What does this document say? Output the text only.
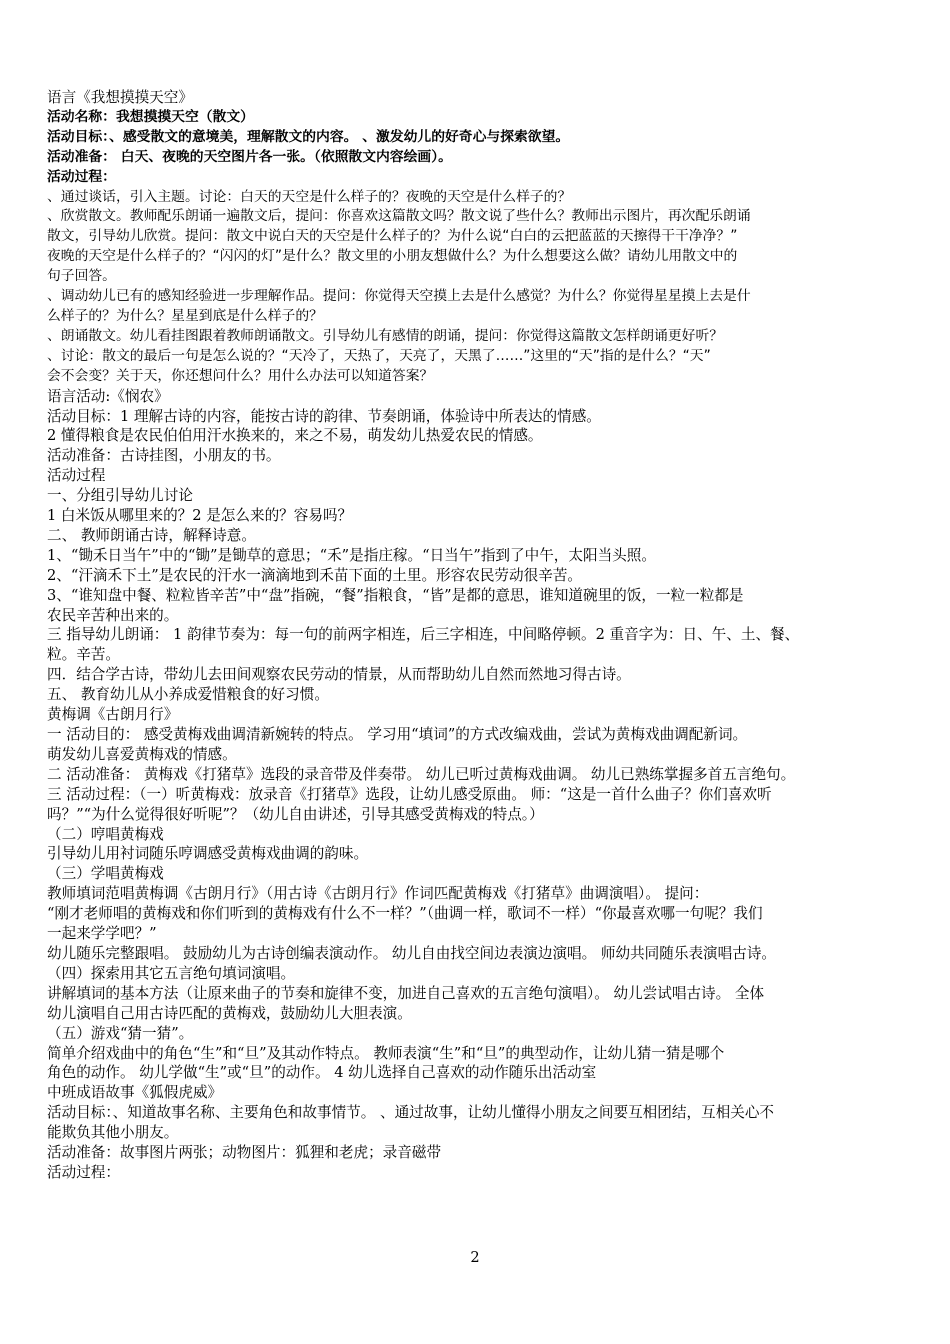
语言《我想摸摸天空》
活动名称：我想摸摸天空（散文）
活动目标：、感受散文的意境美，理解散文的内容。 、激发幼儿的好奇心与探索欲望。
活动准备： 白天、夜晚的天空图片各一张。（依照散文内容绘画）。
活动过程：
、通过谈话，引入主题。讨论：白天的天空是什么样子的？夜晚的天空是什么样子的？
、欣赏散文。教师配乐朗诵一遍散文后，提问：你喜欢这篇散文吗？散文说了些什么？教师出示图片，再次配乐朗诵
散文，引导幼儿欣赏。提问：散文中说白天的天空是什么样子的？为什么说“白白的云把蓝蓝的天擦得干干净净？”
夜晚的天空是什么样子的？“闪闪的灯”是什么？散文里的小朋友想做什么？为什么想要这么做？请幼儿用散文中的
句子回答。
、调动幼儿已有的感知经验进一步理解作品。提问：你觉得天空摸上去是什么感觉？为什么？你觉得星星摸上去是什
么样子的？为什么？星星到底是什么样子的？
、朗诵散文。幼儿看挂图跟着教师朗诵散文。引导幼儿有感情的朗诵，提问：你觉得这篇散文怎样朗诵更好听？
、讨论：散文的最后一句是怎么说的？“天冷了，天热了，天亮了，天黑了……”这里的“天”指的是什么？“天”
会不会变？关于天，你还想问什么？用什么办法可以知道答案？
语言活动:《悯农》
活动目标：1 理解古诗的内容，能按古诗的韵律、节奏朗诵，体验诗中所表达的情感。
2 懂得粮食是农民伯伯用汗水换来的，来之不易，萌发幼儿热爱农民的情感。
活动准备：古诗挂图，小朋友的书。
活动过程
一、分组引导幼儿讨论
1 白米饭从哪里来的？2 是怎么来的？容易吗？
二、 教师朗诵古诗，解释诗意。
1、“锄禾日当午”中的“锄”是锄草的意思；“禾”是指庄稼。“日当午”指到了中午，太阳当头照。
2、“汗滴禾下土”是农民的汗水一滴滴地到禾苗下面的土里。形容农民劳动很辛苦。
3、“谁知盘中餐、粒粒皆辛苦”中“盘”指碗，“餐”指粮食，“皆”是都的意思，谁知道碗里的饭，一粒一粒都是
农民辛苦种出来的。
三 指导幼儿朗诵： 1 韵律节奏为：每一句的前两字相连，后三字相连，中间略停顿。2 重音字为：日、午、土、餐、
粒。辛苦。
四．结合学古诗，带幼儿去田间观察农民劳动的情景，从而帮助幼儿自然而然地习得古诗。
五、 教育幼儿从小养成爱惜粮食的好习惯。
黄梅调《古朗月行》
一 活动目的： 感受黄梅戏曲调清新婉转的特点。 学习用“填词”的方式改编戏曲，尝试为黄梅戏曲调配新词。
萌发幼儿喜爱黄梅戏的情感。
二 活动准备： 黄梅戏《打猪草》选段的录音带及伴奏带。 幼儿已听过黄梅戏曲调。 幼儿已熟练掌握多首五言绝句。
三 活动过程：（一）听黄梅戏：放录音《打猪草》选段，让幼儿感受原曲。 师：“这是一首什么曲子？你们喜欢听
吗？”“为什么觉得很好听呢”？（幼儿自由讲述，引导其感受黄梅戏的特点。）
（二）哼唱黄梅戏
引导幼儿用衬词随乐哼调感受黄梅戏曲调的韵味。
（三）学唱黄梅戏
教师填词范唱黄梅调《古朗月行》（用古诗《古朗月行》作词匹配黄梅戏《打猪草》曲调演唱）。 提问：
“刚才老师唱的黄梅戏和你们听到的黄梅戏有什么不一样？”（曲调一样，歌词不一样）“你最喜欢哪一句呢？我们
一起来学学吧？”
幼儿随乐完整跟唱。 鼓励幼儿为古诗创编表演动作。 幼儿自由找空间边表演边演唱。 师幼共同随乐表演唱古诗。
（四）探索用其它五言绝句填词演唱。
讲解填词的基本方法（让原来曲子的节奏和旋律不变，加进自己喜欢的五言绝句演唱）。 幼儿尝试唱古诗。 全体
幼儿演唱自己用古诗匹配的黄梅戏，鼓励幼儿大胆表演。
（五）游戏“猜一猜”。
简单介绍戏曲中的角色“生”和“旦”及其动作特点。 教师表演“生”和“旦”的典型动作，让幼儿猜一猜是哪个
角色的动作。 幼儿学做“生”或“旦”的动作。 4 幼儿选择自己喜欢的动作随乐出活动室
中班成语故事《狐假虎威》
活动目标：、知道故事名称、主要角色和故事情节。 、通过故事，让幼儿懂得小朋友之间要互相团结，互相关心不
能欺负其他小朋友。
活动准备：故事图片两张；动物图片：狐狸和老虎；录音磁带
活动过程：
2
